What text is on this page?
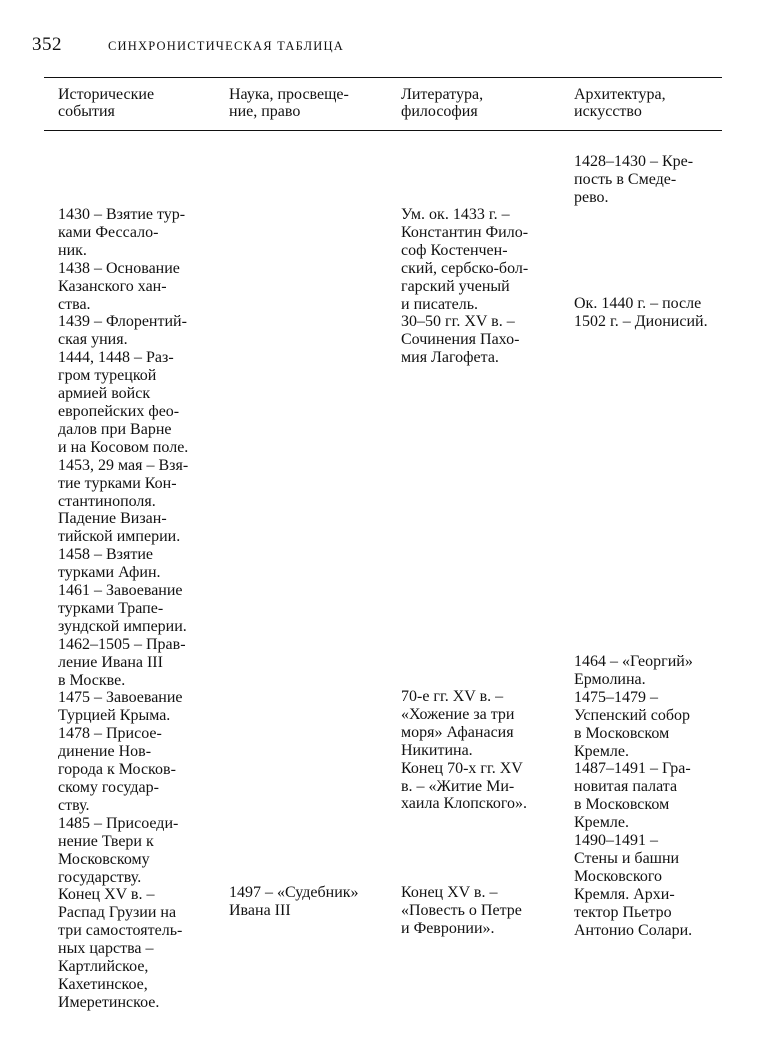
352	СИНХРОНИСТИЧЕСКАЯ ТАБЛИЦА
Исторические
события
Наука, просвеще-
ние, право
Литература,
философия
Архитектура,
искусство
1428–1430 – Кре-
пость в Смеде-
рево.
1430 – Взятие тур-
ками Фессало-
ник.
1438 – Основание
Казанского хан-
ства.
1439 – Флорентий-
ская уния.
1444, 1448 – Раз-
гром турецкой
армией войск
европейских фео-
далов при Варне
и на Косовом поле.
1453, 29 мая – Взя-
тие турками Кон-
стантинополя.
Падение Визан-
тийской империи.
1458 – Взятие
турками Афин.
1461 – Завоевание
турками Трапе-
зундской империи.
1462–1505 – Прав-
ление Ивана III
в Москве.
1475 – Завоевание
Турцией Крыма.
1478 – Присое-
динение Нов-
города к Москов-
скому государ-
ству.
1485 – Присоеди-
нение Твери к
Московскому
государству.
Конец XV в. –
Распад Грузии на
три самостоятель-
ных царства –
Картлийское,
Кахетинское,
Имеретинское.
Ум. ок. 1433 г. –
Константин Фило-
соф Костенчен-
ский, сербско-бол-
гарский ученый
и писатель.
30–50 гг. XV в. –
Сочинения Пахо-
мия Лагофета.
Ок. 1440 г. – после
1502 г. – Дионисий.
1464 – «Георгий»
Ермолина.
1475–1479 –
Успенский собор
в Московском
Кремле.
1487–1491 – Гра-
новитая палата
в Московском
Кремле.
1490–1491 –
Стены и башни
Московского
Кремля. Архи-
тектор Пьетро
Антонио Солари.
70-е гг. XV в. –
«Хожение за три
моря» Афанасия
Никитина.
Конец 70-х гг. XV
в. – «Житие Ми-
хаила Клопского».
1497 – «Судебник»
Ивана III
Конец XV в. –
«Повесть о Петре
и Февронии».
